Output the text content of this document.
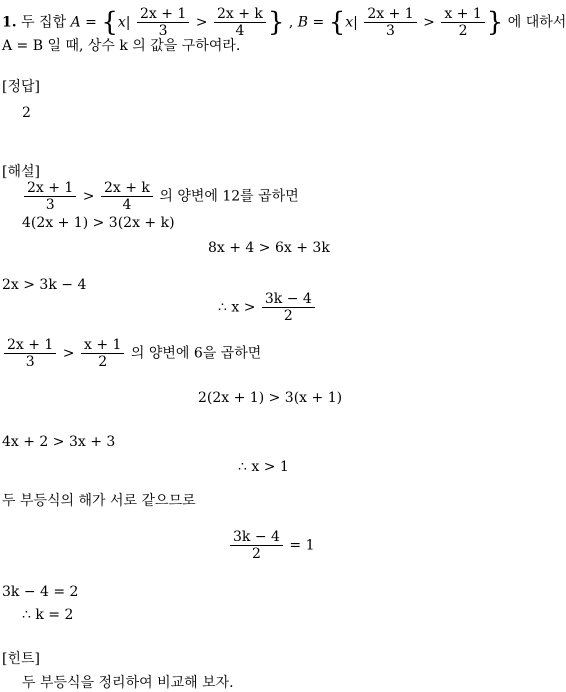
1. 두 집합 $A = \{x| \frac{2x + 1}{3} > \frac{2x + k}{4}$ } , $B = \{x| \frac{2x + 1}{3} > \frac{x + 1}{2}$ } 에 대하서
A = B 일 때, 상수 k 의 값을 구하여라.
[정답]
2
[해설]
$\frac{2x + 1}{3} > \frac{2x + k}{4}$ 의 양변에 12를 곱하면
4(2x + 1) > 3(2x + k)
8x + 4 > 6x + 3k
2x > 3k − 4
∴ $x > \frac{3k - 4}{2}$
$\frac{2x + 1}{3} > \frac{x + 1}{2}$ 의 양변에 6을 곱하면
2(2x + 1) > 3(x + 1)
4x + 2 > 3x + 3
∴ x > 1
두 부등식의 해가 서로 같으므로
$\frac{3k - 4}{2} = 1$
3k − 4 = 2
∴ k = 2
[힌트]
두 부등식을 정리하여 비교해 보자.
